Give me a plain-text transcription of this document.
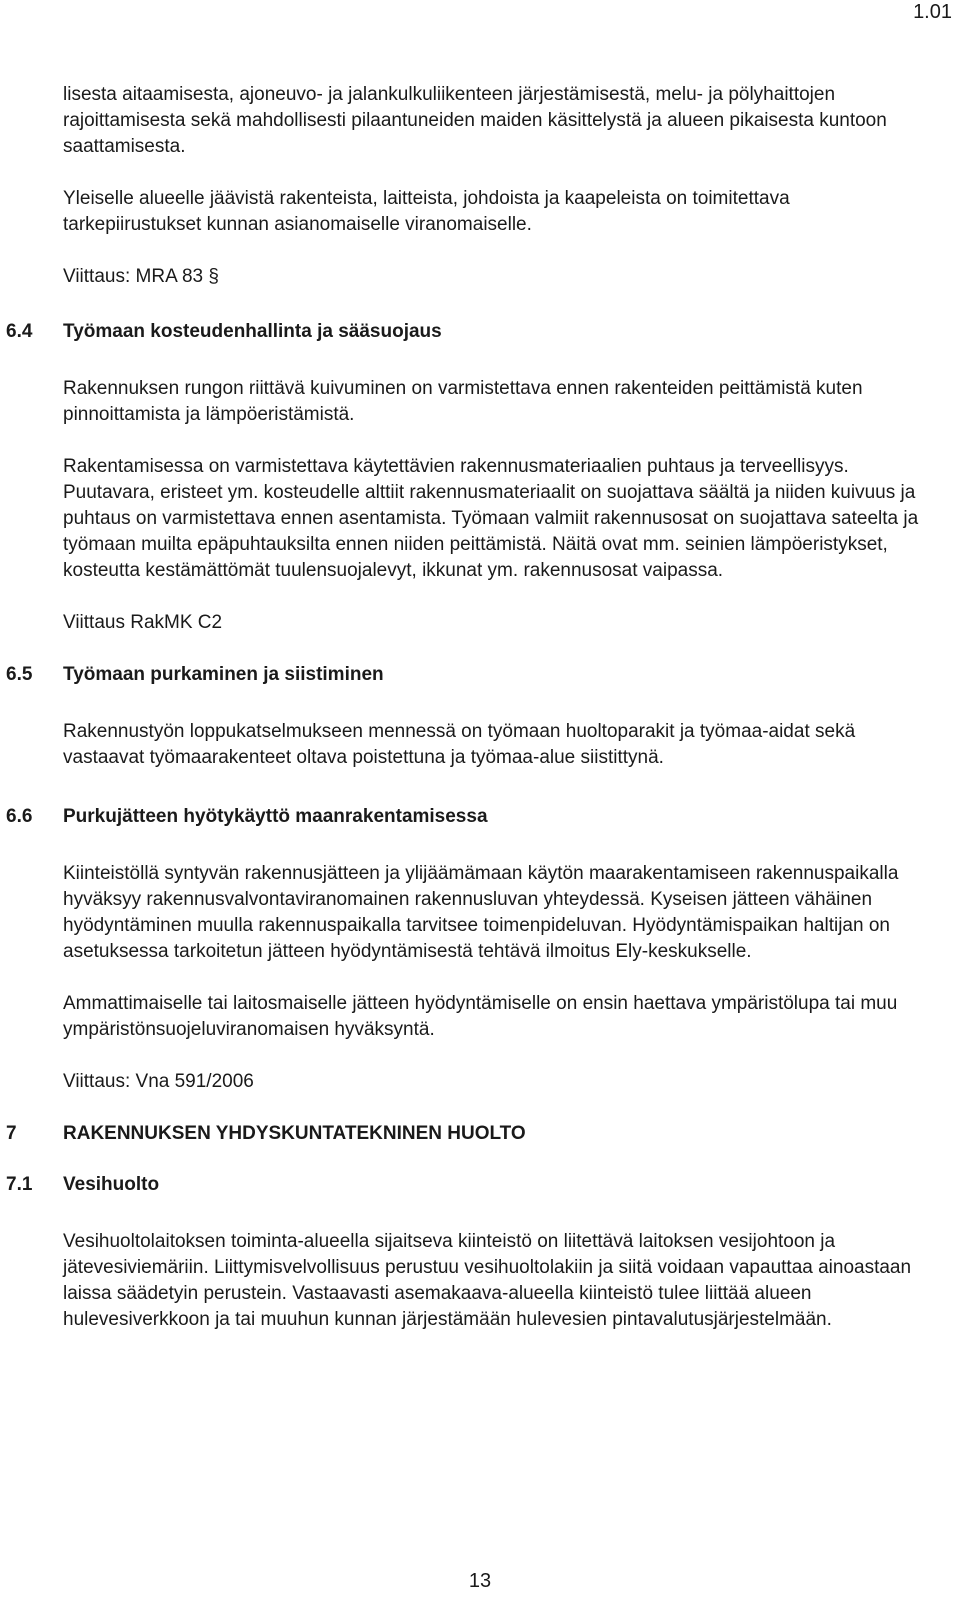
1.01

lisesta aitaamisesta, ajoneuvo- ja jalankulkuliikenteen järjestämisestä, melu- ja pölyhaittojen rajoittamisesta sekä mahdollisesti pilaantuneiden maiden käsittelystä ja alueen pikaisesta kuntoon saattamisesta.

Yleiselle alueelle jäävistä rakenteista, laitteista, johdoista ja kaapeleista on toimitettava tarkepiirustukset kunnan asianomaiselle viranomaiselle.

Viittaus: MRA 83 §

6.4 Työmaan kosteudenhallinta ja sääsuojaus

Rakennuksen rungon riittävä kuivuminen on varmistettava ennen rakenteiden peittämistä kuten pinnoittamista ja lämpöeristämistä.

Rakentamisessa on varmistettava käytettävien rakennusmateriaalien puhtaus ja terveellisyys. Puutavara, eristeet ym. kosteudelle alttiit rakennusmateriaalit on suojattava säältä ja niiden kuivuus ja puhtaus on varmistettava ennen asentamista. Työmaan valmiit rakennusosat on suojattava sateelta ja työmaan muilta epäpuhtauksilta ennen niiden peittämistä. Näitä ovat mm. seinien lämpöeristykset, kosteutta kestämättömät tuulensuojalevyt, ikkunat ym. rakennusosat vaipassa.

Viittaus RakMK C2

6.5 Työmaan purkaminen ja siistiminen

Rakennustyön loppukatselmukseen mennessä on työmaan huoltoparakit ja työmaa-aidat sekä vastaavat työmaarakenteet oltava poistettuna ja työmaa-alue siistittynä.

6.6 Purkujätteen hyötykäyttö maanrakentamisessa

Kiinteistöllä syntyvän rakennusjätteen ja ylijäämämaan käytön maarakentamiseen rakennuspaikalla hyväksyy rakennusvalvontaviranomainen rakennusluvan yhteydessä. Kyseisen jätteen vähäinen hyödyntäminen muulla rakennuspaikalla tarvitsee toimenpideluvan. Hyödyntämispaikan haltijan on asetuksessa tarkoitetun jätteen hyödyntämisestä tehtävä ilmoitus Ely-keskukselle.

Ammattimaiselle tai laitosmaiselle jätteen hyödyntämiselle on ensin haettava ympäristölupa tai muu ympäristönsuojeluviranomaisen hyväksyntä.

Viittaus: Vna 591/2006

7 RAKENNUKSEN YHDYSKUNTATEKNINEN HUOLTO
7.1 Vesihuolto

Vesihuoltolaitoksen toiminta-alueella sijaitseva kiinteistö on liitettävä laitoksen vesijohtoon ja jätevesiviemäriin. Liittymisvelvollisuus perustuu vesihuoltolakiin ja siitä voidaan vapauttaa ainoastaan laissa säädetyin perustein. Vastaavasti asemakaava-alueella kiinteistö tulee liittää alueen hulevesiverkkoon ja tai muuhun kunnan järjestämään hulevesien pintavalutusjärjestelmään.

13
